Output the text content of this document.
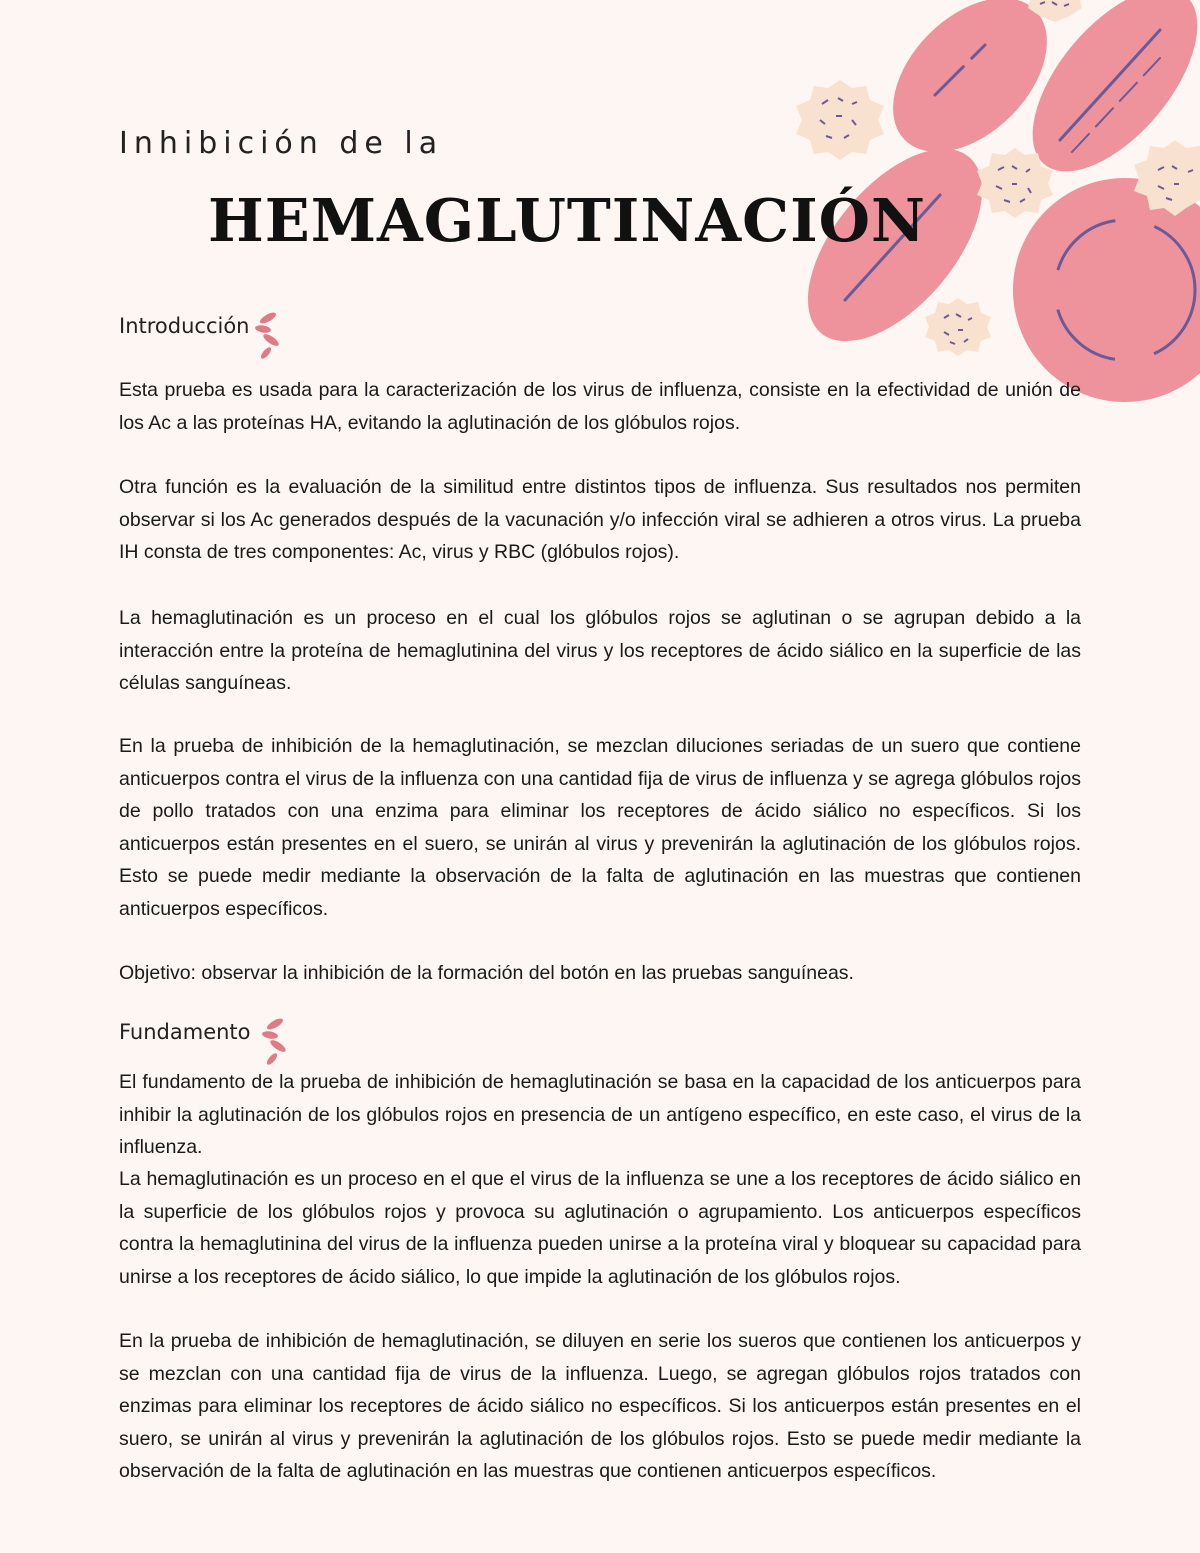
Inhibición de la
HEMAGLUTINACIÓN
Introducción

Esta prueba es usada para la caracterización de los virus de influenza, consiste en la efectividad de unión de los Ac a las proteínas HA, evitando la aglutinación de los glóbulos rojos.

Otra función es la evaluación de la similitud entre distintos tipos de influenza. Sus resultados nos permiten observar si los Ac generados después de la vacunación y/o infección viral se adhieren a otros virus. La prueba IH consta de tres componentes: Ac, virus y RBC (glóbulos rojos).

La hemaglutinación es un proceso en el cual los glóbulos rojos se aglutinan o se agrupan debido a la interacción entre la proteína de hemaglutinina del virus y los receptores de ácido siálico en la superficie de las células sanguíneas.

En la prueba de inhibición de la hemaglutinación, se mezclan diluciones seriadas de un suero que contiene anticuerpos contra el virus de la influenza con una cantidad fija de virus de influenza y se agrega glóbulos rojos de pollo tratados con una enzima para eliminar los receptores de ácido siálico no específicos. Si los anticuerpos están presentes en el suero, se unirán al virus y prevenirán la aglutinación de los glóbulos rojos. Esto se puede medir mediante la observación de la falta de aglutinación en las muestras que contienen anticuerpos específicos.

Objetivo: observar la inhibición de la formación del botón en las pruebas sanguíneas.

Fundamento

El fundamento de la prueba de inhibición de hemaglutinación se basa en la capacidad de los anticuerpos para inhibir la aglutinación de los glóbulos rojos en presencia de un antígeno específico, en este caso, el virus de la influenza.

La hemaglutinación es un proceso en el que el virus de la influenza se une a los receptores de ácido siálico en la superficie de los glóbulos rojos y provoca su aglutinación o agrupamiento. Los anticuerpos específicos contra la hemaglutinina del virus de la influenza pueden unirse a la proteína viral y bloquear su capacidad para unirse a los receptores de ácido siálico, lo que impide la aglutinación de los glóbulos rojos.

En la prueba de inhibición de hemaglutinación, se diluyen en serie los sueros que contienen los anticuerpos y se mezclan con una cantidad fija de virus de la influenza. Luego, se agregan glóbulos rojos tratados con enzimas para eliminar los receptores de ácido siálico no específicos. Si los anticuerpos están presentes en el suero, se unirán al virus y prevenirán la aglutinación de los glóbulos rojos. Esto se puede medir mediante la observación de la falta de aglutinación en las muestras que contienen anticuerpos específicos.
